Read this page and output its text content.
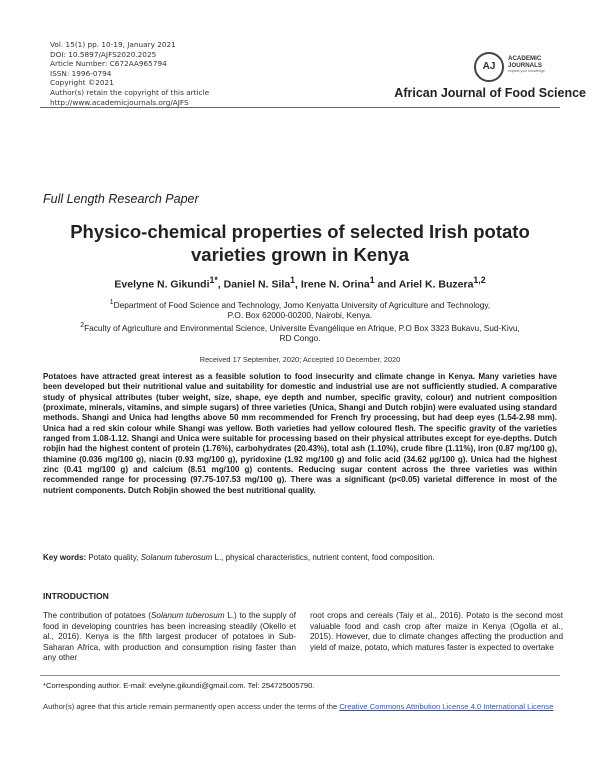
Vol. 15(1) pp. 10-19, January 2021
DOI: 10.5897/AJFS2020.2025
Article Number: C672AA965794
ISSN: 1996-0794
Copyright ©2021
Author(s) retain the copyright of this article
http://www.academicjournals.org/AJFS
AJ
ACADEMIC
JOURNALS
expand your knowledge
African Journal of Food Science
Full Length Research Paper
Physico-chemical properties of selected Irish potato varieties grown in Kenya
Evelyne N. Gikundi$^{1*}$, Daniel N. Sila$^1$, Irene N. Orina$^1$ and Ariel K. Buzera$^{1,2}$
$^1$Department of Food Science and Technology, Jomo Kenyatta University of Agriculture and Technology,
P.O. Box 62000-00200, Nairobi, Kenya.
$^2$Faculty of Agriculture and Environmental Science, Universite Évangélique en Afrique, P.O Box 3323 Bukavu, Sud-Kivu,
RD Congo.
Received 17 September, 2020; Accepted 10 December, 2020
Potatoes have attracted great interest as a feasible solution to food insecurity and climate change in Kenya. Many varieties have been developed but their nutritional value and suitability for domestic and industrial use are not sufficiently studied. A comparative study of physical attributes (tuber weight, size, shape, eye depth and number, specific gravity, colour) and nutrient composition (proximate, minerals, vitamins, and simple sugars) of three varieties (Unica, Shangi and Dutch robjin) were evaluated using standard methods. Shangi and Unica had lengths above 50 mm recommended for French fry processing, but had deep eyes (1.54-2.98 mm). Unica had a red skin colour while Shangi was yellow. Both varieties had yellow coloured flesh. The specific gravity of the varieties ranged from 1.08-1.12. Shangi and Unica were suitable for processing based on their physical attributes except for eye-depths. Dutch robjin had the highest content of protein (1.76%), carbohydrates (20.43%), total ash (1.10%), crude fibre (1.11%), iron (0.87 mg/100 g), thiamine (0.036 mg/100 g), niacin (0.93 mg/100 g), pyridoxine (1.92 mg/100 g) and folic acid (34.62 µg/100 g). Unica had the highest zinc (0.41 mg/100 g) and calcium (8.51 mg/100 g) contents. Reducing sugar content across the three varieties was within recommended range for processing (97.75-107.53 mg/100 g). There was a significant (p<0.05) varietal difference in most of the nutrient components. Dutch Robjin showed the best nutritional quality.
Key words: Potato quality, Solanum tuberosum L., physical characteristics, nutrient content, food composition.
INTRODUCTION
The contribution of potatoes (Solanum tuberosum L.) to the supply of food in developing countries has been increasing steadily (Okello et al., 2016). Kenya is the fifth largest producer of potatoes in Sub-Saharan Africa, with production and consumption rising faster than any other
root crops and cereals (Taiy et al., 2016). Potato is the second most valuable food and cash crop after maize in Kenya (Ogolla et al., 2015). However, due to climate changes affecting the production and yield of maize, potato, which matures faster is expected to overtake
*Corresponding author. E-mail: evelyne.gikundi@gmail.com. Tel: 254725005790.
Author(s) agree that this article remain permanently open access under the terms of the Creative Commons Attribution License 4.0 International License
